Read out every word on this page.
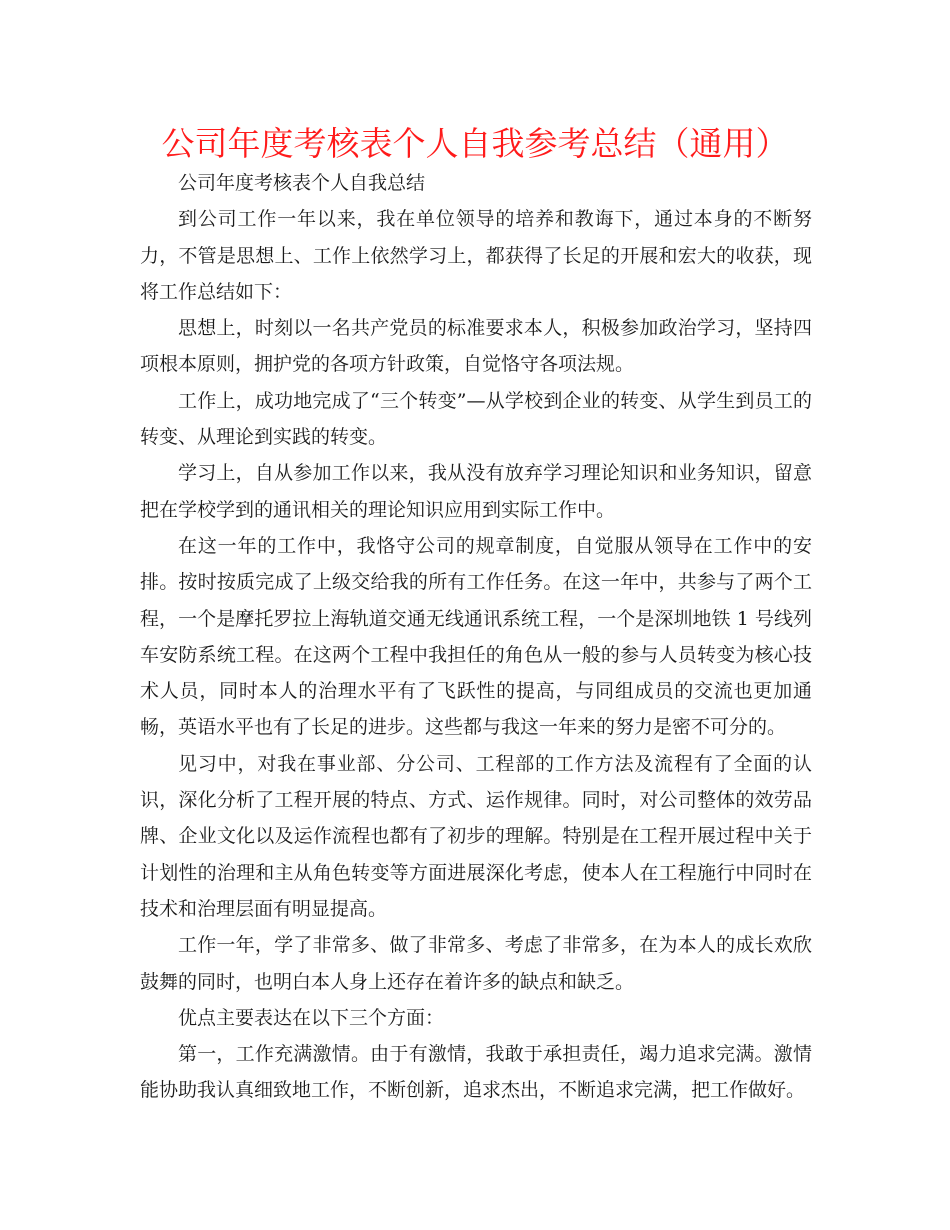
公司年度考核表个人自我参考总结（通用）

公司年度考核表个人自我总结

到公司工作一年以来，我在单位领导的培养和教诲下，通过本身的不断努力，不管是思想上、工作上依然学习上，都获得了长足的开展和宏大的收获，现将工作总结如下：

思想上，时刻以一名共产党员的标准要求本人，积极参加政治学习，坚持四项根本原则，拥护党的各项方针政策，自觉恪守各项法规。

工作上，成功地完成了“三个转变”—从学校到企业的转变、从学生到员工的转变、从理论到实践的转变。

学习上，自从参加工作以来，我从没有放弃学习理论知识和业务知识，留意把在学校学到的通讯相关的理论知识应用到实际工作中。

在这一年的工作中，我恪守公司的规章制度，自觉服从领导在工作中的安排。按时按质完成了上级交给我的所有工作任务。在这一年中，共参与了两个工程，一个是摩托罗拉上海轨道交通无线通讯系统工程，一个是深圳地铁 1 号线列车安防系统工程。在这两个工程中我担任的角色从一般的参与人员转变为核心技术人员，同时本人的治理水平有了飞跃性的提高，与同组成员的交流也更加通畅，英语水平也有了长足的进步。这些都与我这一年来的努力是密不可分的。

见习中，对我在事业部、分公司、工程部的工作方法及流程有了全面的认识，深化分析了工程开展的特点、方式、运作规律。同时，对公司整体的效劳品牌、企业文化以及运作流程也都有了初步的理解。特别是在工程开展过程中关于计划性的治理和主从角色转变等方面进展深化考虑，使本人在工程施行中同时在技术和治理层面有明显提高。

工作一年，学了非常多、做了非常多、考虑了非常多，在为本人的成长欢欣鼓舞的同时，也明白本人身上还存在着许多的缺点和缺乏。

优点主要表达在以下三个方面：

第一，工作充满激情。由于有激情，我敢于承担责任，竭力追求完满。激情能协助我认真细致地工作，不断创新，追求杰出，不断追求完满，把工作做好。
